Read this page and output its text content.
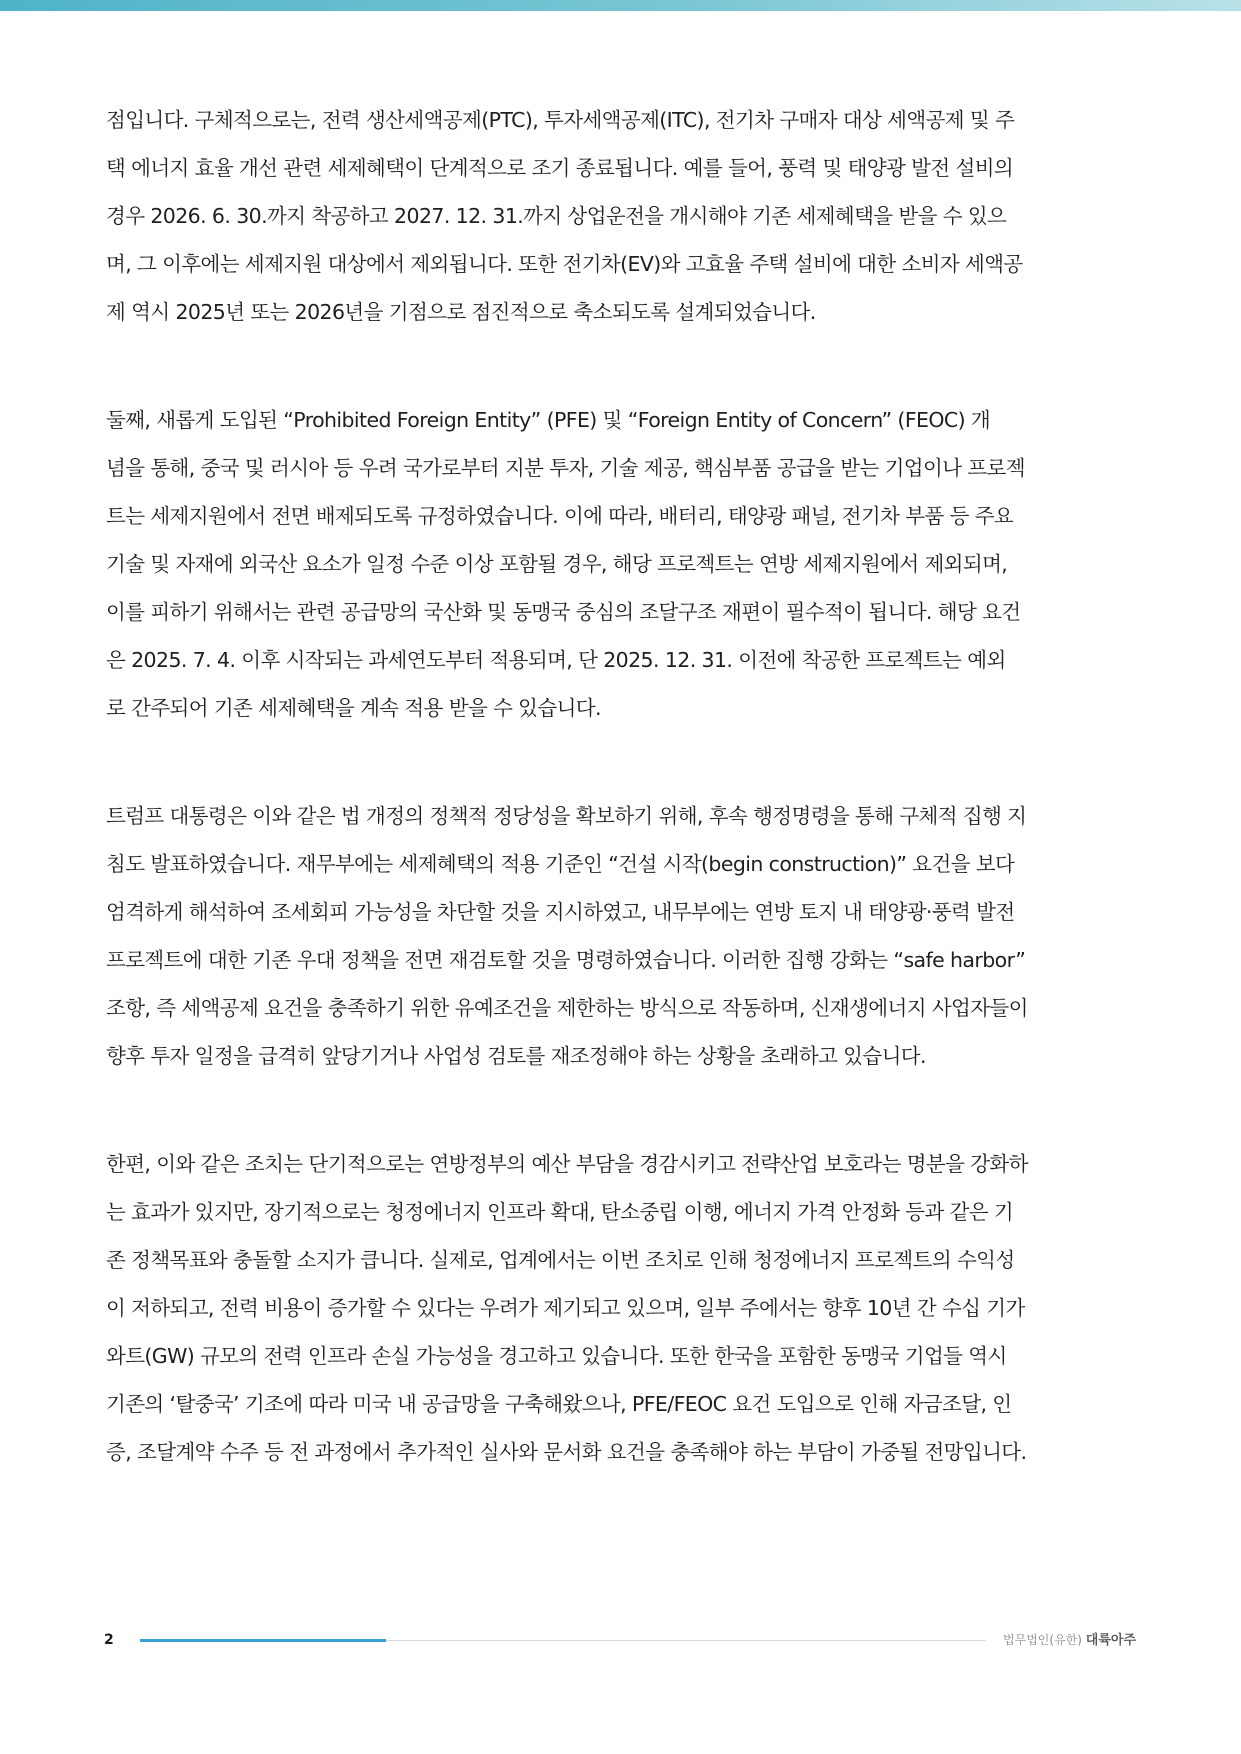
점입니다. 구체적으로는, 전력 생산세액공제(PTC), 투자세액공제(ITC), 전기차 구매자 대상 세액공제 및 주
택 에너지 효율 개선 관련 세제혜택이 단계적으로 조기 종료됩니다. 예를 들어, 풍력 및 태양광 발전 설비의
경우 2026. 6. 30.까지 착공하고 2027. 12. 31.까지 상업운전을 개시해야 기존 세제혜택을 받을 수 있으
며, 그 이후에는 세제지원 대상에서 제외됩니다. 또한 전기차(EV)와 고효율 주택 설비에 대한 소비자 세액공
제 역시 2025년 또는 2026년을 기점으로 점진적으로 축소되도록 설계되었습니다.
둘째, 새롭게 도입된 “Prohibited Foreign Entity” (PFE) 및 “Foreign Entity of Concern” (FEOC) 개
념을 통해, 중국 및 러시아 등 우려 국가로부터 지분 투자, 기술 제공, 핵심부품 공급을 받는 기업이나 프로젝
트는 세제지원에서 전면 배제되도록 규정하였습니다. 이에 따라, 배터리, 태양광 패널, 전기차 부품 등 주요
기술 및 자재에 외국산 요소가 일정 수준 이상 포함될 경우, 해당 프로젝트는 연방 세제지원에서 제외되며,
이를 피하기 위해서는 관련 공급망의 국산화 및 동맹국 중심의 조달구조 재편이 필수적이 됩니다. 해당 요건
은 2025. 7. 4. 이후 시작되는 과세연도부터 적용되며, 단 2025. 12. 31. 이전에 착공한 프로젝트는 예외
로 간주되어 기존 세제혜택을 계속 적용 받을 수 있습니다.
트럼프 대통령은 이와 같은 법 개정의 정책적 정당성을 확보하기 위해, 후속 행정명령을 통해 구체적 집행 지
침도 발표하였습니다. 재무부에는 세제혜택의 적용 기준인 “건설 시작(begin construction)” 요건을 보다
엄격하게 해석하여 조세회피 가능성을 차단할 것을 지시하였고, 내무부에는 연방 토지 내 태양광·풍력 발전
프로젝트에 대한 기존 우대 정책을 전면 재검토할 것을 명령하였습니다. 이러한 집행 강화는 “safe harbor”
조항, 즉 세액공제 요건을 충족하기 위한 유예조건을 제한하는 방식으로 작동하며, 신재생에너지 사업자들이
향후 투자 일정을 급격히 앞당기거나 사업성 검토를 재조정해야 하는 상황을 초래하고 있습니다.
한편, 이와 같은 조치는 단기적으로는 연방정부의 예산 부담을 경감시키고 전략산업 보호라는 명분을 강화하
는 효과가 있지만, 장기적으로는 청정에너지 인프라 확대, 탄소중립 이행, 에너지 가격 안정화 등과 같은 기
존 정책목표와 충돌할 소지가 큽니다. 실제로, 업계에서는 이번 조치로 인해 청정에너지 프로젝트의 수익성
이 저하되고, 전력 비용이 증가할 수 있다는 우려가 제기되고 있으며, 일부 주에서는 향후 10년 간 수십 기가
와트(GW) 규모의 전력 인프라 손실 가능성을 경고하고 있습니다. 또한 한국을 포함한 동맹국 기업들 역시
기존의 ‘탈중국’ 기조에 따라 미국 내 공급망을 구축해왔으나, PFE/FEOC 요건 도입으로 인해 자금조달, 인
증, 조달계약 수주 등 전 과정에서 추가적인 실사와 문서화 요건을 충족해야 하는 부담이 가중될 전망입니다.
2	법무법인(유한) 대륙아주
